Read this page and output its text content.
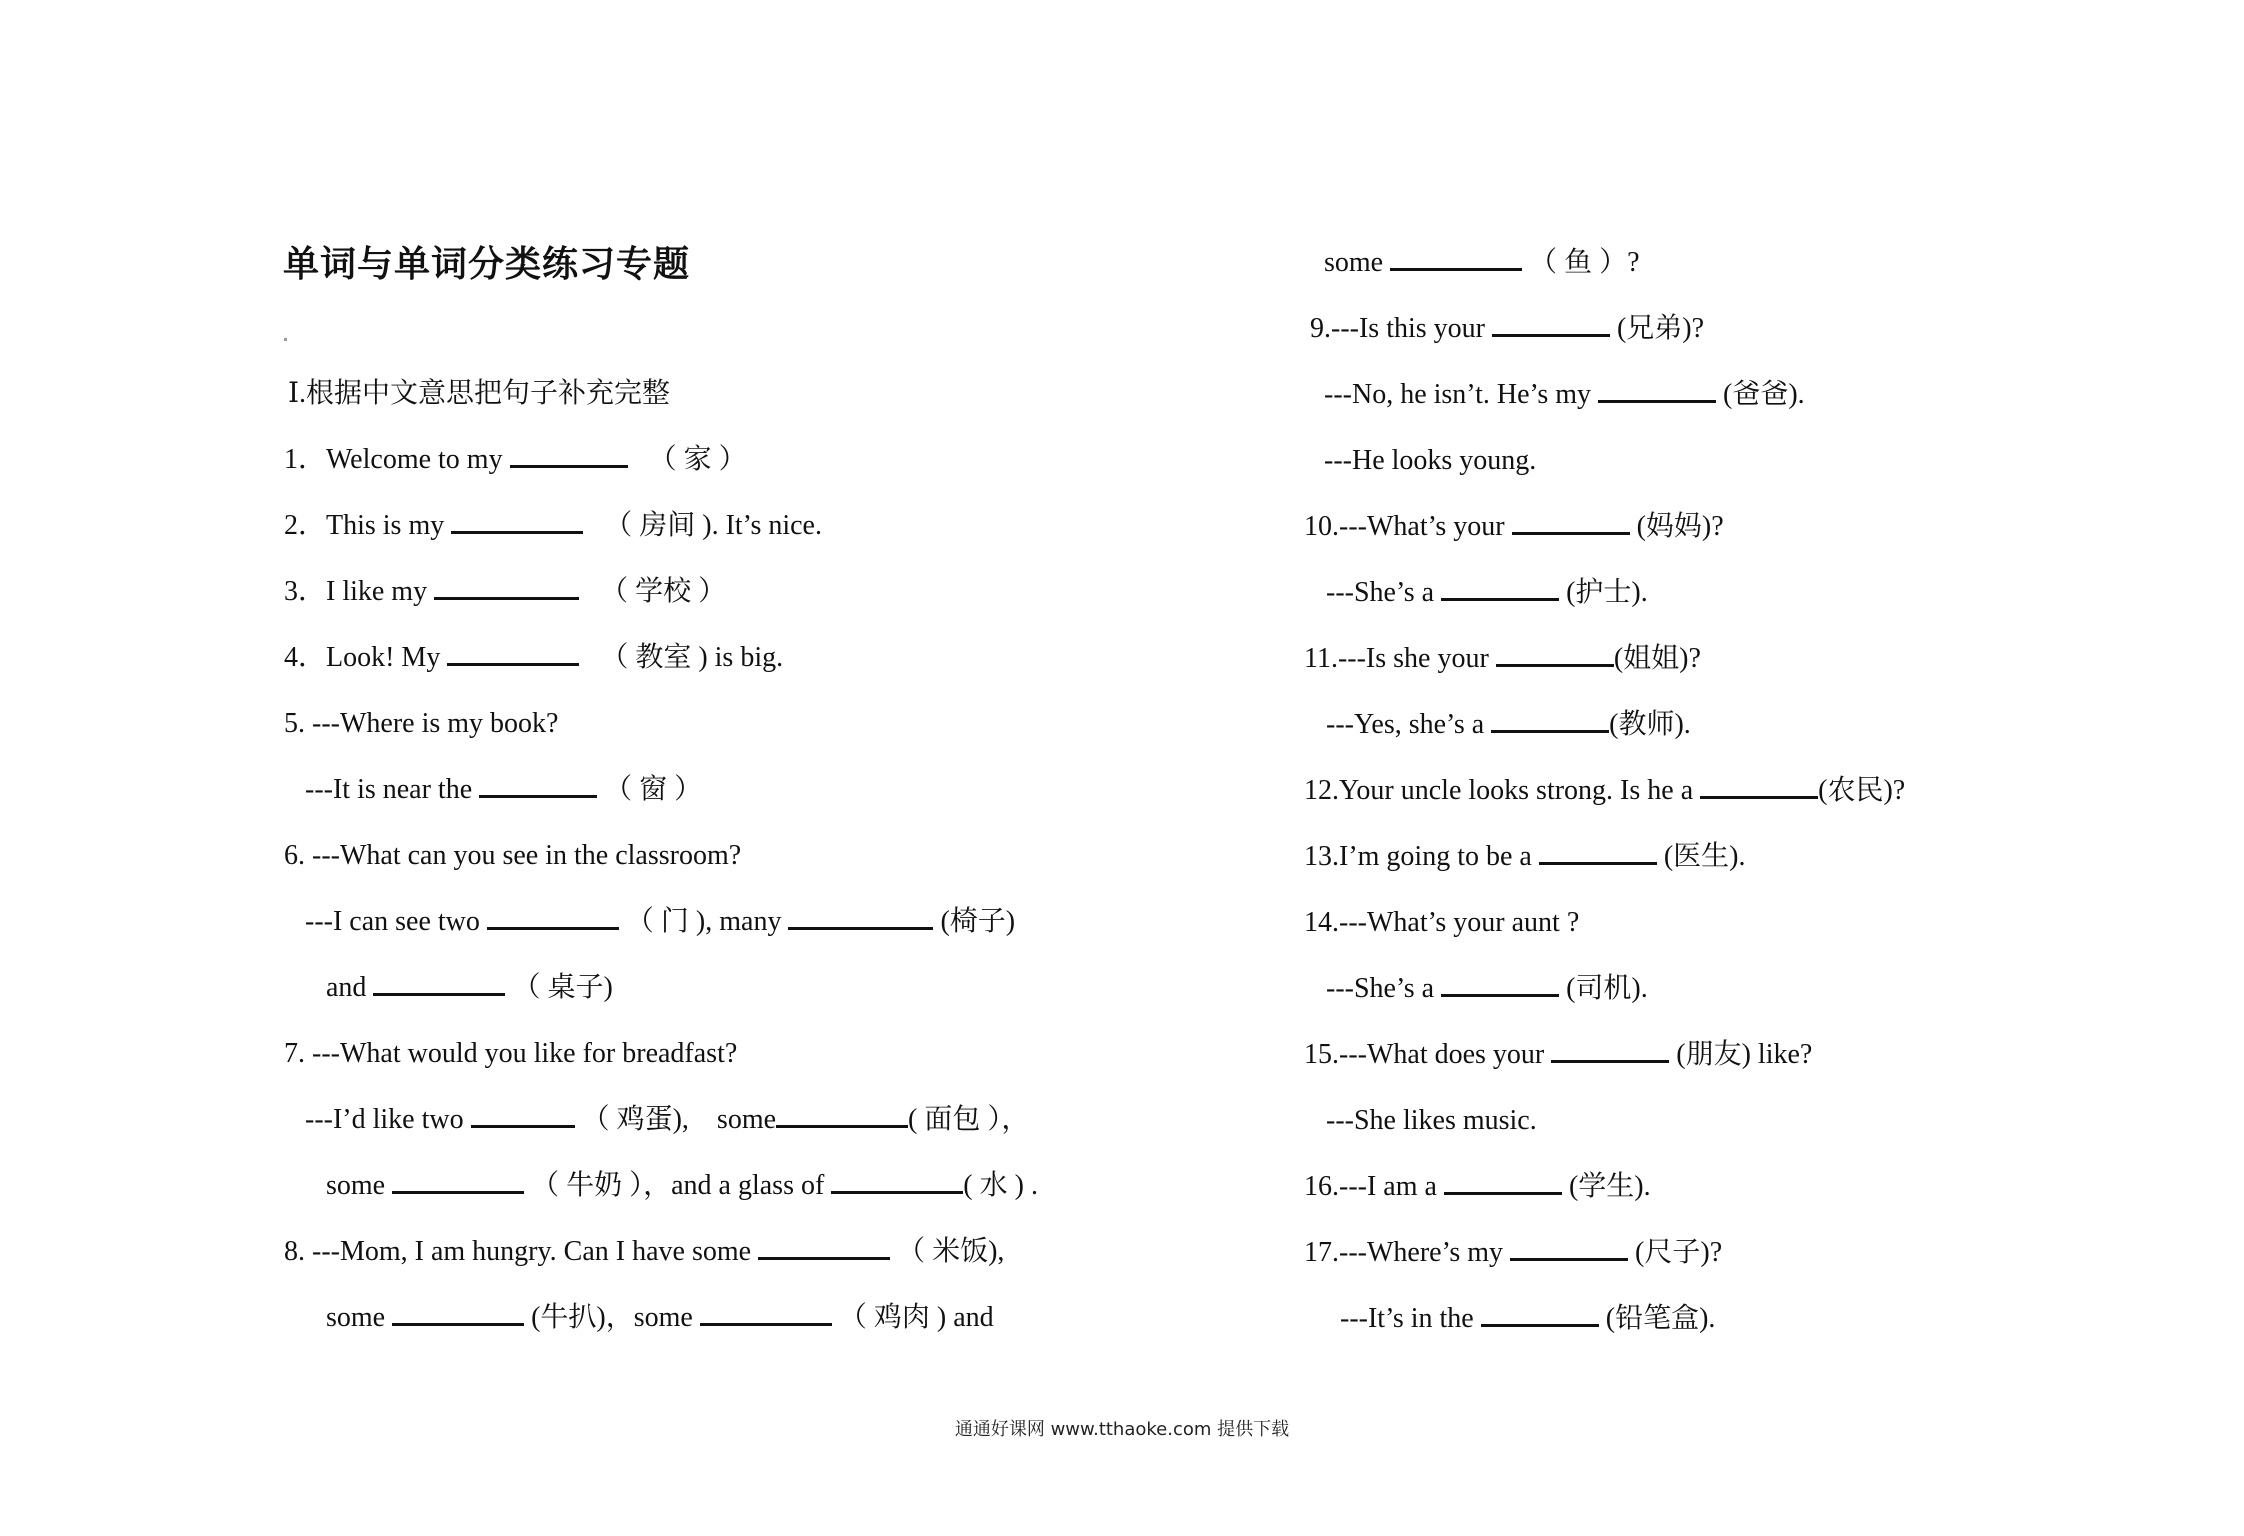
单词与单词分类练习专题
Ⅰ.根据中文意思把句子补充完整
1．Welcome to my	（ 家 ）
2．This is my	（ 房间 ). It’s nice.
3．I like my	（ 学校 ）
4．Look! My	（ 教室 ) is big.
5. ---Where is my book?
---It is near the	（ 窗 ）
6. ---What can you see in the classroom?
---I can see two	（ 门 ), many	(椅子)
and	（ 桌子)
7. ---What would you like for breadfast?
---I’d like two	（ 鸡蛋),    some	( 面包 ），
some	（ 牛奶 ），and a glass of	( 水 ) .
8. ---Mom, I am hungry. Can I have some	（ 米饭),
some	(牛扒)，some	（ 鸡肉 ) and
some	（ 鱼 ）?
9.---Is this your	(兄弟)?
---No, he isn’t. He’s my	(爸爸).
---He looks young.
10.---What’s your	(妈妈)?
---She’s a	(护士).
11.---Is she your	(姐姐)?
---Yes, she’s a	(教师).
12.Your uncle looks strong. Is he a	(农民)?
13.I’m going to be a	(医生).
14.---What’s your aunt ?
---She’s a	(司机).
15.---What does your	(朋友) like?
---She likes music.
16.---I am a	(学生).
17.---Where’s my	(尺子)?
---It’s in the	(铅笔盒).
通通好课网 www.tthaoke.com 提供下载
